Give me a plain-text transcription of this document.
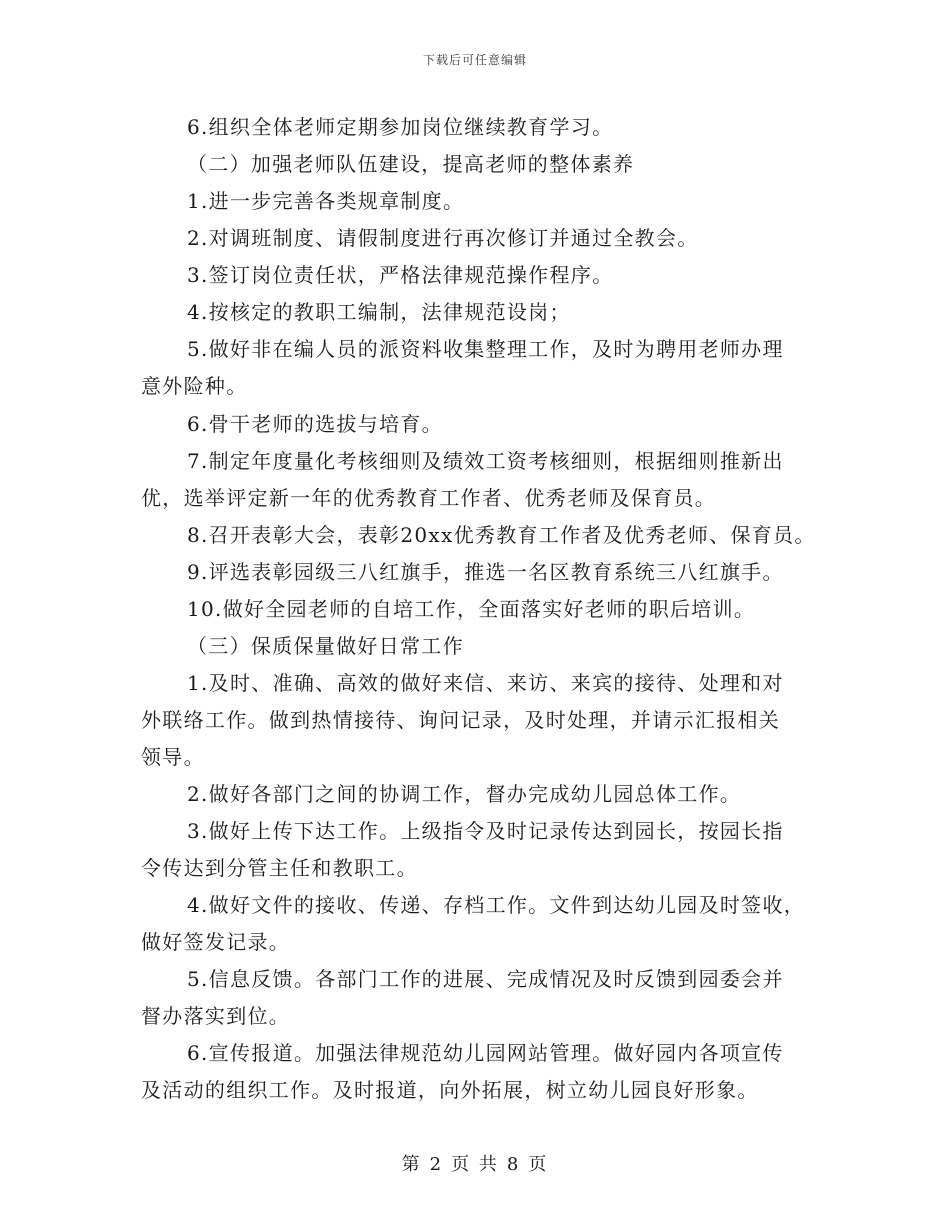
下载后可任意编辑
6.组织全体老师定期参加岗位继续教育学习。
（二）加强老师队伍建设，提高老师的整体素养
1.进一步完善各类规章制度。
2.对调班制度、请假制度进行再次修订并通过全教会。
3.签订岗位责任状，严格法律规范操作程序。
4.按核定的教职工编制，法律规范设岗；
5.做好非在编人员的派资料收集整理工作，及时为聘用老师办理
意外险种。
6.骨干老师的选拔与培育。
7.制定年度量化考核细则及绩效工资考核细则，根据细则推新出
优，选举评定新一年的优秀教育工作者、优秀老师及保育员。
8.召开表彰大会，表彰20xx优秀教育工作者及优秀老师、保育员。
9.评选表彰园级三八红旗手，推选一名区教育系统三八红旗手。
10.做好全园老师的自培工作，全面落实好老师的职后培训。
（三）保质保量做好日常工作
1.及时、准确、高效的做好来信、来访、来宾的接待、处理和对
外联络工作。做到热情接待、询问记录，及时处理，并请示汇报相关
领导。
2.做好各部门之间的协调工作，督办完成幼儿园总体工作。
3.做好上传下达工作。上级指令及时记录传达到园长，按园长指
令传达到分管主任和教职工。
4.做好文件的接收、传递、存档工作。文件到达幼儿园及时签收，
做好签发记录。
5.信息反馈。各部门工作的进展、完成情况及时反馈到园委会并
督办落实到位。
6.宣传报道。加强法律规范幼儿园网站管理。做好园内各项宣传
及活动的组织工作。及时报道，向外拓展，树立幼儿园良好形象。
第 2 页 共 8 页
